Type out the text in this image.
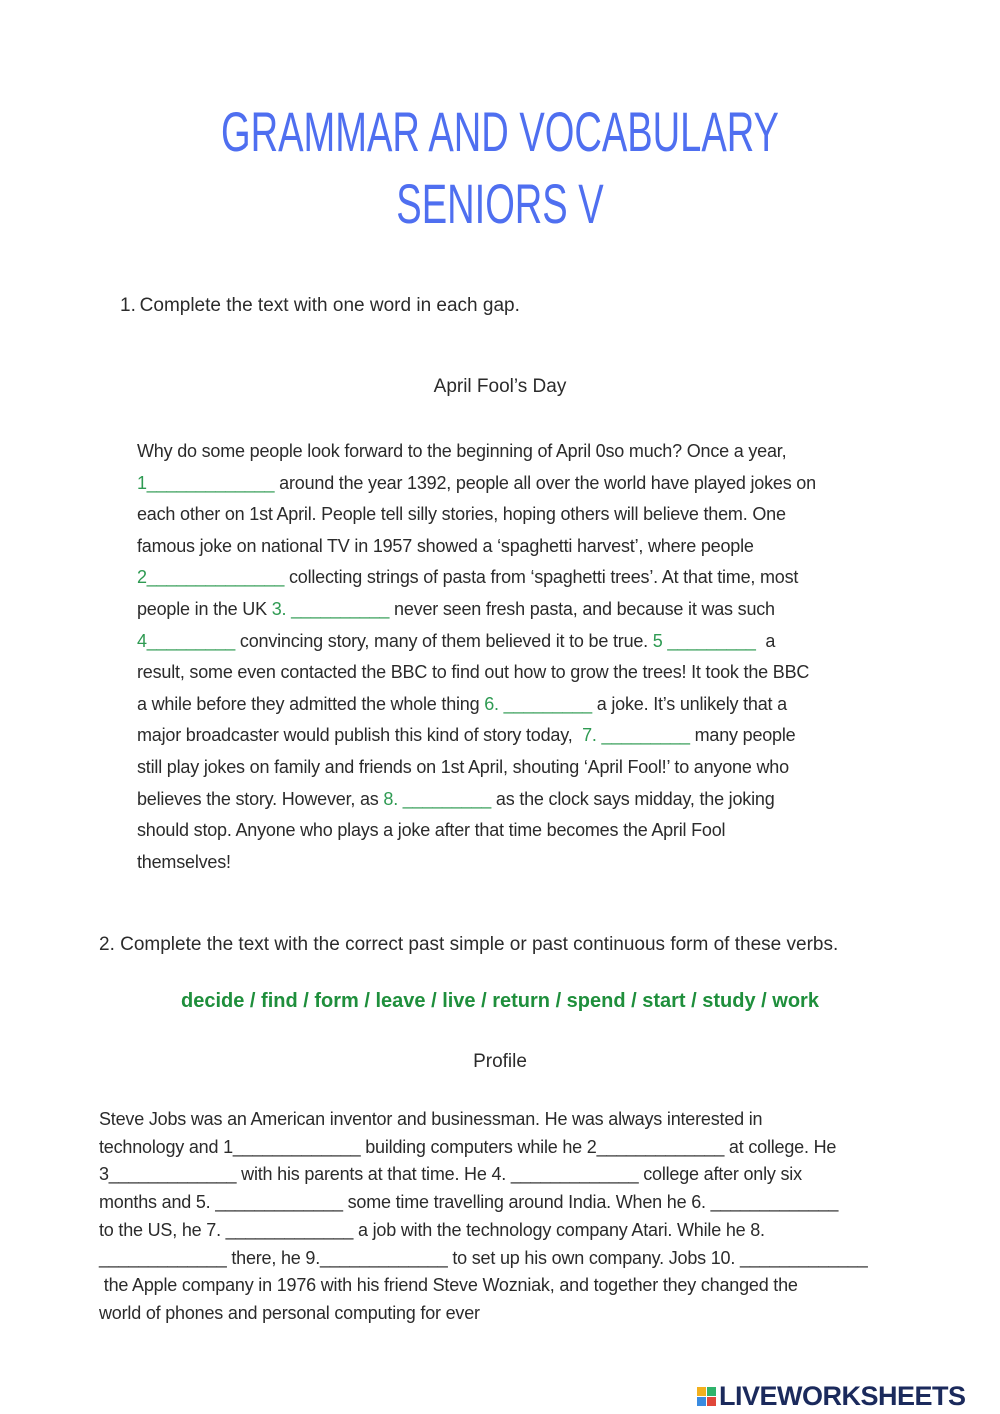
GRAMMAR AND VOCABULARY
SENIORS V
1. Complete the text with one word in each gap.
April Fool’s Day
Why do some people look forward to the beginning of April 0so much? Once a year,
1_____________ around the year 1392, people all over the world have played jokes on
each other on 1st April. People tell silly stories, hoping others will believe them. One
famous joke on national TV in 1957 showed a ‘spaghetti harvest’, where people
2______________ collecting strings of pasta from ‘spaghetti trees’. At that time, most
people in the UK 3. __________ never seen fresh pasta, and because it was such
4_________ convincing story, many of them believed it to be true. 5 _________  a
result, some even contacted the BBC to find out how to grow the trees! It took the BBC
a while before they admitted the whole thing 6. _________ a joke. It’s unlikely that a
major broadcaster would publish this kind of story today,  7. _________ many people
still play jokes on family and friends on 1st April, shouting ‘April Fool!’ to anyone who
believes the story. However, as 8. _________ as the clock says midday, the joking
should stop. Anyone who plays a joke after that time becomes the April Fool
themselves!
2. Complete the text with the correct past simple or past continuous form of these verbs.
decide / find / form / leave / live / return / spend / start / study / work
Profile
Steve Jobs was an American inventor and businessman. He was always interested in
technology and 1_____________ building computers while he 2_____________ at college. He
3_____________ with his parents at that time. He 4. _____________ college after only six
months and 5. _____________ some time travelling around India. When he 6. _____________
to the US, he 7. _____________ a job with the technology company Atari. While he 8.
_____________ there, he 9._____________ to set up his own company. Jobs 10. _____________
the Apple company in 1976 with his friend Steve Wozniak, and together they changed the
world of phones and personal computing for ever
LIVEWORKSHEETS
